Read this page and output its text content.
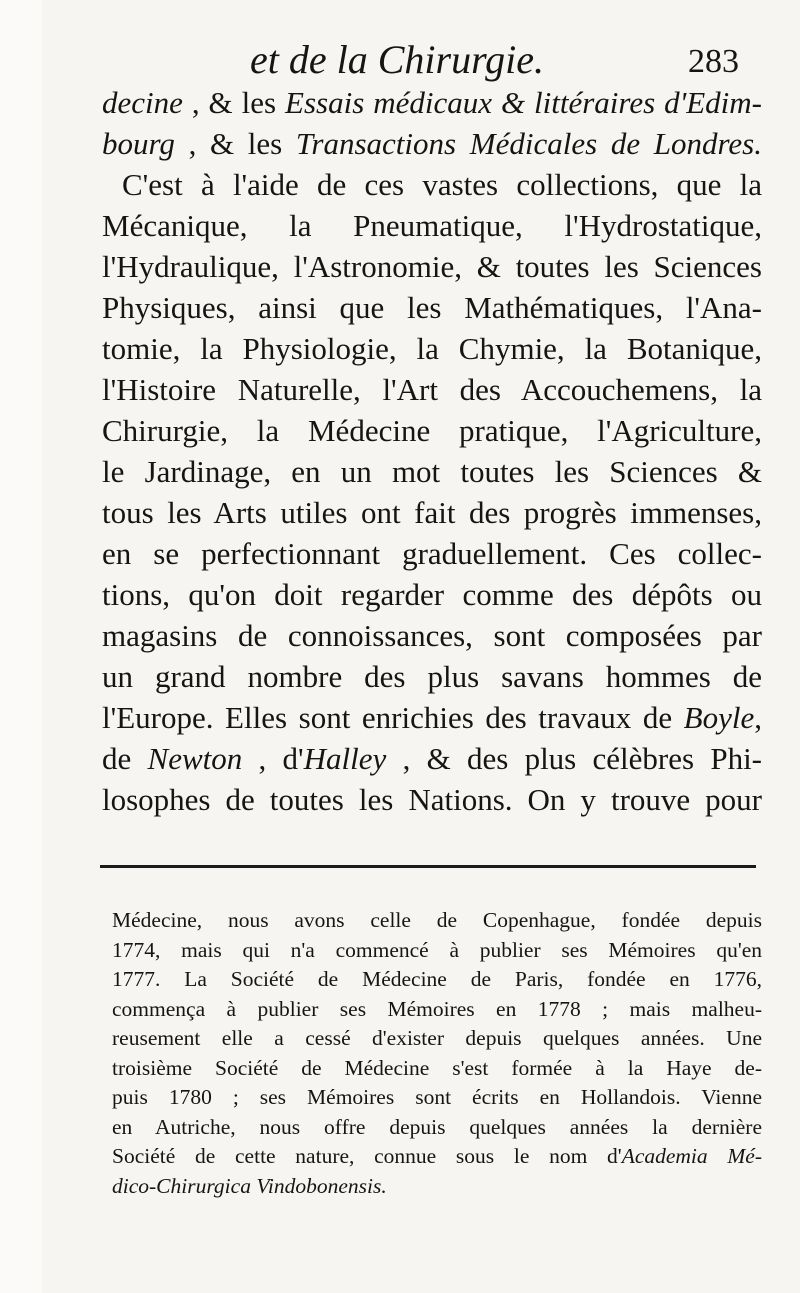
et de la Chirurgie.	283
decine , & les Essais médicaux & littéraires d'Edim-
bourg , & les Transactions Médicales de Londres.
C'est à l'aide de ces vastes collections, que la
Mécanique, la Pneumatique, l'Hydrostatique,
l'Hydraulique, l'Astronomie, & toutes les Sciences
Physiques, ainsi que les Mathématiques, l'Ana-
tomie, la Physiologie, la Chymie, la Botanique,
l'Histoire Naturelle, l'Art des Accouchemens, la
Chirurgie, la Médecine pratique, l'Agriculture,
le Jardinage, en un mot toutes les Sciences &
tous les Arts utiles ont fait des progrès immenses,
en se perfectionnant graduellement. Ces collec-
tions, qu'on doit regarder comme des dépôts ou
magasins de connoissances, sont composées par
un grand nombre des plus savans hommes de
l'Europe. Elles sont enrichies des travaux de Boyle,
de Newton , d'Halley , & des plus célèbres Phi-
losophes de toutes les Nations. On y trouve pour
Médecine, nous avons celle de Copenhague, fondée depuis
1774, mais qui n'a commencé à publier ses Mémoires qu'en
1777. La Société de Médecine de Paris, fondée en 1776,
commença à publier ses Mémoires en 1778 ; mais malheu-
reusement elle a cessé d'exister depuis quelques années. Une
troisième Société de Médecine s'est formée à la Haye de-
puis 1780 ; ses Mémoires sont écrits en Hollandois. Vienne
en Autriche, nous offre depuis quelques années la dernière
Société de cette nature, connue sous le nom d'Academia Mé-
dico-Chirurgica Vindobonensis.
